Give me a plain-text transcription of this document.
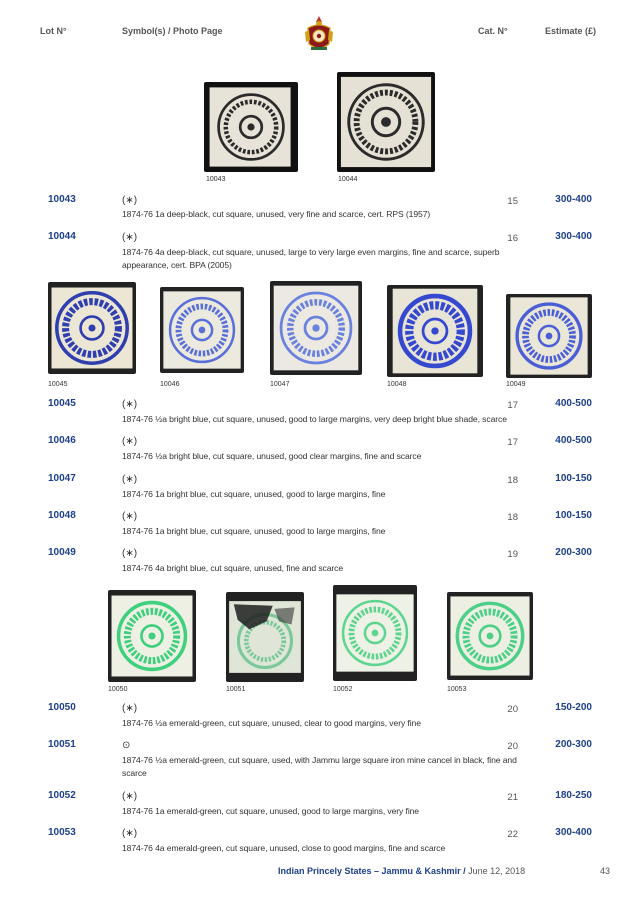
Lot N°	Symbol(s) / Photo Page	Cat. N°	Estimate (£)
10043	10044
10043	(∗)	15	300-400
1874-76 1a deep-black, cut square, unused, very fine and scarce, cert. RPS (1957)
10044	(∗)	16	300-400
1874-76 4a deep-black, cut square, unused, large to very large even margins, fine and scarce, superb appearance, cert. BPA (2005)
10045	10046	10047	10048	10049
10045	(∗)	17	400-500
1874-76 ½a bright blue, cut square, unused, good to large margins, very deep bright blue shade, scarce
10046	(∗)	17	400-500
1874-76 ½a bright blue, cut square, unused, good clear margins, fine and scarce
10047	(∗)	18	100-150
1874-76 1a bright blue, cut square, unused, good to large margins, fine
10048	(∗)	18	100-150
1874-76 1a bright blue, cut square, unused, good to large margins, fine
10049	(∗)	19	200-300
1874-76 4a bright blue, cut square, unused, fine and scarce
10050	10051	10052	10053
10050	(∗)	20	150-200
1874-76 ½a emerald-green, cut square, unused, clear to good margins, very fine
10051	⊙	20	200-300
1874-76 ½a emerald-green, cut square, used, with Jammu large square iron mine cancel in black, fine and scarce
10052	(∗)	21	180-250
1874-76 1a emerald-green, cut square, unused, good to large margins, very fine
10053	(∗)	22	300-400
1874-76 4a emerald-green, cut square, unused, close to good margins, fine and scarce
Indian Princely States – Jammu & Kashmir / June 12, 2018	43
